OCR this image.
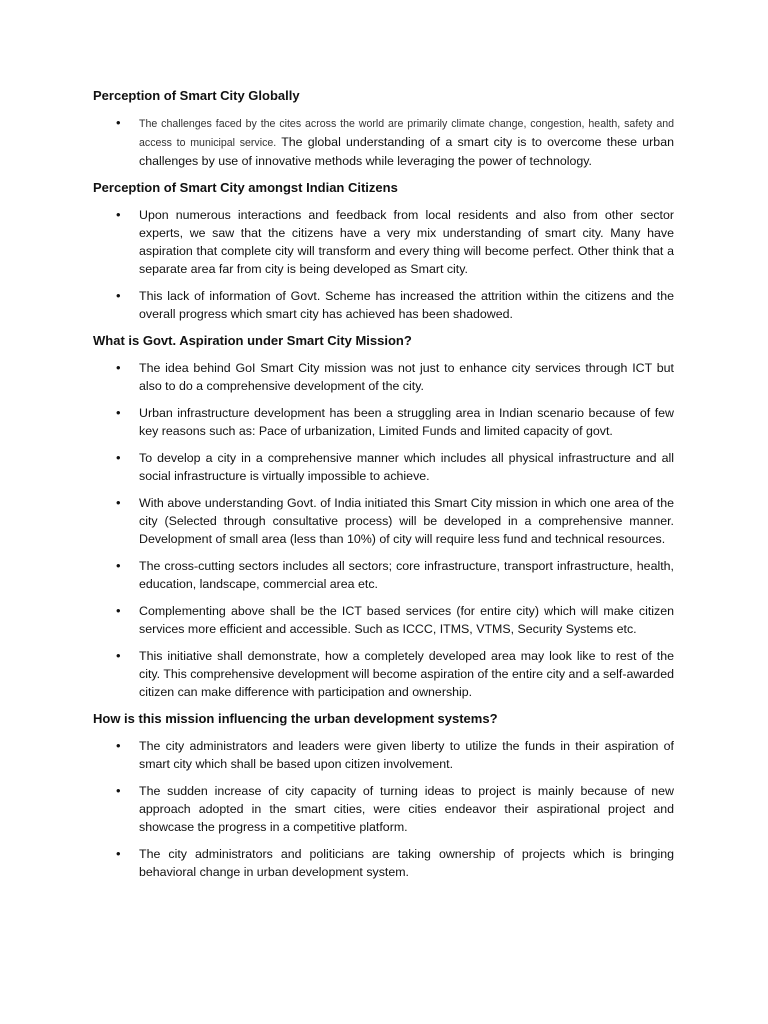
Perception of Smart City Globally
• The challenges faced by the cites across the world are primarily climate change, congestion, health, safety and access to municipal service. The global understanding of a smart city is to overcome these urban challenges by use of innovative methods while leveraging the power of technology.
Perception of Smart City amongst Indian Citizens
• Upon numerous interactions and feedback from local residents and also from other sector experts, we saw that the citizens have a very mix understanding of smart city. Many have aspiration that complete city will transform and every thing will become perfect. Other think that a separate area far from city is being developed as Smart city.
• This lack of information of Govt. Scheme has increased the attrition within the citizens and the overall progress which smart city has achieved has been shadowed.
What is Govt. Aspiration under Smart City Mission?
• The idea behind GoI Smart City mission was not just to enhance city services through ICT but also to do a comprehensive development of the city.
• Urban infrastructure development has been a struggling area in Indian scenario because of few key reasons such as: Pace of urbanization, Limited Funds and limited capacity of govt.
• To develop a city in a comprehensive manner which includes all physical infrastructure and all social infrastructure is virtually impossible to achieve.
• With above understanding Govt. of India initiated this Smart City mission in which one area of the city (Selected through consultative process) will be developed in a comprehensive manner. Development of small area (less than 10%) of city will require less fund and technical resources.
• The cross-cutting sectors includes all sectors; core infrastructure, transport infrastructure, health, education, landscape, commercial area etc.
• Complementing above shall be the ICT based services (for entire city) which will make citizen services more efficient and accessible. Such as ICCC, ITMS, VTMS, Security Systems etc.
• This initiative shall demonstrate, how a completely developed area may look like to rest of the city. This comprehensive development will become aspiration of the entire city and a self-awarded citizen can make difference with participation and ownership.
How is this mission influencing the urban development systems?
• The city administrators and leaders were given liberty to utilize the funds in their aspiration of smart city which shall be based upon citizen involvement.
• The sudden increase of city capacity of turning ideas to project is mainly because of new approach adopted in the smart cities, were cities endeavor their aspirational project and showcase the progress in a competitive platform.
• The city administrators and politicians are taking ownership of projects which is bringing behavioral change in urban development system.
